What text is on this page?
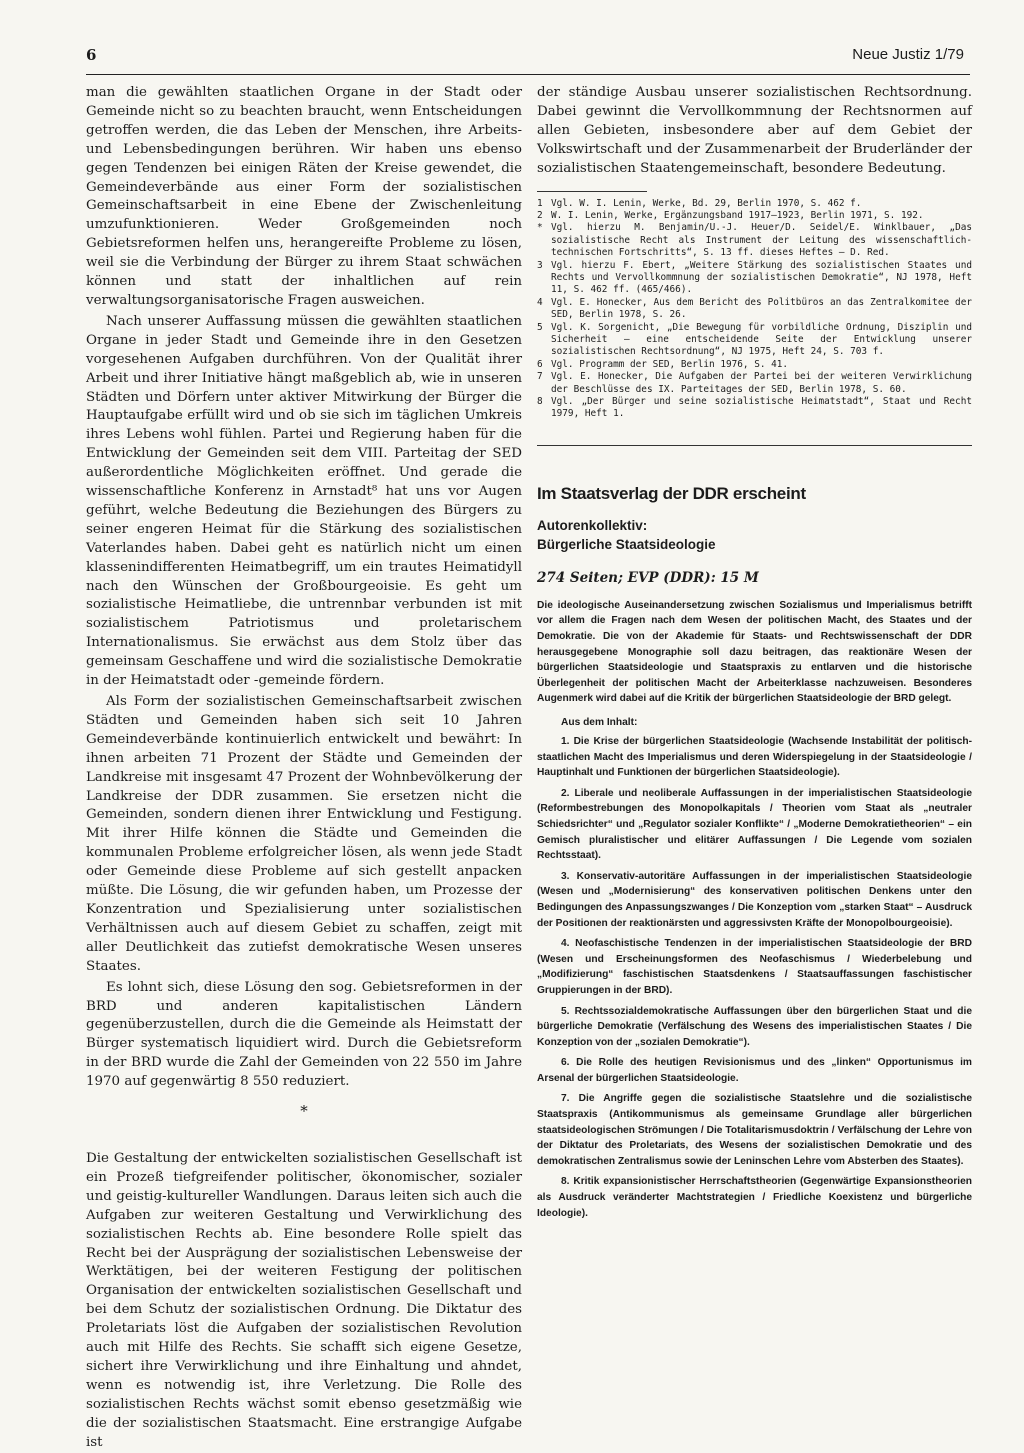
6	Neue Justiz 1/79

man die gewählten staatlichen Organe in der Stadt oder Gemeinde nicht so zu beachten braucht, wenn Entscheidungen getroffen werden, die das Leben der Menschen, ihre Arbeits- und Lebensbedingungen berühren. Wir haben uns ebenso gegen Tendenzen bei einigen Räten der Kreise gewendet, die Gemeindeverbände aus einer Form der sozialistischen Gemeinschaftsarbeit in eine Ebene der Zwischenleitung umzufunktionieren. Weder Großgemeinden noch Gebietsreformen helfen uns, herangereifte Probleme zu lösen, weil sie die Verbindung der Bürger zu ihrem Staat schwächen können und statt der inhaltlichen auf rein verwaltungsorganisatorische Fragen ausweichen.

Nach unserer Auffassung müssen die gewählten staatlichen Organe in jeder Stadt und Gemeinde ihre in den Gesetzen vorgesehenen Aufgaben durchführen. Von der Qualität ihrer Arbeit und ihrer Initiative hängt maßgeblich ab, wie in unseren Städten und Dörfern unter aktiver Mitwirkung der Bürger die Hauptaufgabe erfüllt wird und ob sie sich im täglichen Umkreis ihres Lebens wohl fühlen. Partei und Regierung haben für die Entwicklung der Gemeinden seit dem VIII. Parteitag der SED außerordentliche Möglichkeiten eröffnet. Und gerade die wissenschaftliche Konferenz in Arnstadt⁸ hat uns vor Augen geführt, welche Bedeutung die Beziehungen des Bürgers zu seiner engeren Heimat für die Stärkung des sozialistischen Vaterlandes haben. Dabei geht es natürlich nicht um einen klassenindifferenten Heimatbegriff, um ein trautes Heimatidyll nach den Wünschen der Großbourgeoisie. Es geht um sozialistische Heimatliebe, die untrennbar verbunden ist mit sozialistischem Patriotismus und proletarischem Internationalismus. Sie erwächst aus dem Stolz über das gemeinsam Geschaffene und wird die sozialistische Demokratie in der Heimatstadt oder -gemeinde fördern.

Als Form der sozialistischen Gemeinschaftsarbeit zwischen Städten und Gemeinden haben sich seit 10 Jahren Gemeindeverbände kontinuierlich entwickelt und bewährt: In ihnen arbeiten 71 Prozent der Städte und Gemeinden der Landkreise mit insgesamt 47 Prozent der Wohnbevölkerung der Landkreise der DDR zusammen. Sie ersetzen nicht die Gemeinden, sondern dienen ihrer Entwicklung und Festigung. Mit ihrer Hilfe können die Städte und Gemeinden die kommunalen Probleme erfolgreicher lösen, als wenn jede Stadt oder Gemeinde diese Probleme auf sich gestellt anpacken müßte. Die Lösung, die wir gefunden haben, um Prozesse der Konzentration und Spezialisierung unter sozialistischen Verhältnissen auch auf diesem Gebiet zu schaffen, zeigt mit aller Deutlichkeit das zutiefst demokratische Wesen unseres Staates.

Es lohnt sich, diese Lösung den sog. Gebietsreformen in der BRD und anderen kapitalistischen Ländern gegenüberzustellen, durch die die Gemeinde als Heimstatt der Bürger systematisch liquidiert wird. Durch die Gebietsreform in der BRD wurde die Zahl der Gemeinden von 22 550 im Jahre 1970 auf gegenwärtig 8 550 reduziert.

*

Die Gestaltung der entwickelten sozialistischen Gesellschaft ist ein Prozeß tiefgreifender politischer, ökonomischer, sozialer und geistig-kultureller Wandlungen. Daraus leiten sich auch die Aufgaben zur weiteren Gestaltung und Verwirklichung des sozialistischen Rechts ab. Eine besondere Rolle spielt das Recht bei der Ausprägung der sozialistischen Lebensweise der Werktätigen, bei der weiteren Festigung der politischen Organisation der entwickelten sozialistischen Gesellschaft und bei dem Schutz der sozialistischen Ordnung. Die Diktatur des Proletariats löst die Aufgaben der sozialistischen Revolution auch mit Hilfe des Rechts. Sie schafft sich eigene Gesetze, sichert ihre Verwirklichung und ihre Einhaltung und ahndet, wenn es notwendig ist, ihre Verletzung. Die Rolle des sozialistischen Rechts wächst somit ebenso gesetzmäßig wie die der sozialistischen Staatsmacht. Eine erstrangige Aufgabe ist

der ständige Ausbau unserer sozialistischen Rechtsordnung. Dabei gewinnt die Vervollkommnung der Rechtsnormen auf allen Gebieten, insbesondere aber auf dem Gebiet der Volkswirtschaft und der Zusammenarbeit der Bruderländer der sozialistischen Staatengemeinschaft, besondere Bedeutung.

1 Vgl. W. I. Lenin, Werke, Bd. 29, Berlin 1970, S. 462 f.
2 W. I. Lenin, Werke, Ergänzungsband 1917–1923, Berlin 1971, S. 192.
* Vgl. hierzu M. Benjamin/U.-J. Heuer/D. Seidel/E. Winklbauer, „Das sozialistische Recht als Instrument der Leitung des wissenschaftlich-technischen Fortschritts“, S. 13 ff. dieses Heftes – D. Red.
3 Vgl. hierzu F. Ebert, „Weitere Stärkung des sozialistischen Staates und Rechts und Vervollkommnung der sozialistischen Demokratie“, NJ 1978, Heft 11, S. 462 ff. (465/466).
4 Vgl. E. Honecker, Aus dem Bericht des Politbüros an das Zentralkomitee der SED, Berlin 1978, S. 26.
5 Vgl. K. Sorgenicht, „Die Bewegung für vorbildliche Ordnung, Disziplin und Sicherheit – eine entscheidende Seite der Entwicklung unserer sozialistischen Rechtsordnung“, NJ 1975, Heft 24, S. 703 f.
6 Vgl. Programm der SED, Berlin 1976, S. 41.
7 Vgl. E. Honecker, Die Aufgaben der Partei bei der weiteren Verwirklichung der Beschlüsse des IX. Parteitages der SED, Berlin 1978, S. 60.
8 Vgl. „Der Bürger und seine sozialistische Heimatstadt“, Staat und Recht 1979, Heft 1.
Im Staatsverlag der DDR erscheint
Autorenkollektiv:
Bürgerliche Staatsideologie
274 Seiten; EVP (DDR): 15 M

Die ideologische Auseinandersetzung zwischen Sozialismus und Imperialismus betrifft vor allem die Fragen nach dem Wesen der politischen Macht, des Staates und der Demokratie. Die von der Akademie für Staats- und Rechtswissenschaft der DDR herausgegebene Monographie soll dazu beitragen, das reaktionäre Wesen der bürgerlichen Staatsideologie und Staatspraxis zu entlarven und die historische Überlegenheit der politischen Macht der Arbeiterklasse nachzuweisen. Besonderes Augenmerk wird dabei auf die Kritik der bürgerlichen Staatsideologie der BRD gelegt.

Aus dem Inhalt:

1. Die Krise der bürgerlichen Staatsideologie (Wachsende Instabilität der politisch-staatlichen Macht des Imperialismus und deren Widerspiegelung in der Staatsideologie / Hauptinhalt und Funktionen der bürgerlichen Staatsideologie).

2. Liberale und neoliberale Auffassungen in der imperialistischen Staatsideologie (Reformbestrebungen des Monopolkapitals / Theorien vom Staat als „neutraler Schiedsrichter“ und „Regulator sozialer Konflikte“ / „Moderne Demokratietheorien“ – ein Gemisch pluralistischer und elitärer Auffassungen / Die Legende vom sozialen Rechtsstaat).

3. Konservativ-autoritäre Auffassungen in der imperialistischen Staatsideologie (Wesen und „Modernisierung“ des konservativen politischen Denkens unter den Bedingungen des Anpassungszwanges / Die Konzeption vom „starken Staat“ – Ausdruck der Positionen der reaktionärsten und aggressivsten Kräfte der Monopolbourgeoisie).

4. Neofaschistische Tendenzen in der imperialistischen Staatsideologie der BRD (Wesen und Erscheinungsformen des Neofaschismus / Wiederbelebung und „Modifizierung“ faschistischen Staatsdenkens / Staatsauffassungen faschistischer Gruppierungen in der BRD).

5. Rechtssozialdemokratische Auffassungen über den bürgerlichen Staat und die bürgerliche Demokratie (Verfälschung des Wesens des imperialistischen Staates / Die Konzeption von der „sozialen Demokratie“).

6. Die Rolle des heutigen Revisionismus und des „linken“ Opportunismus im Arsenal der bürgerlichen Staatsideologie.

7. Die Angriffe gegen die sozialistische Staatslehre und die sozialistische Staatspraxis (Antikommunismus als gemeinsame Grundlage aller bürgerlichen staatsideologischen Strömungen / Die Totalitarismusdoktrin / Verfälschung der Lehre von der Diktatur des Proletariats, des Wesens der sozialistischen Demokratie und des demokratischen Zentralismus sowie der Leninschen Lehre vom Absterben des Staates).

8. Kritik expansionistischer Herrschaftstheorien (Gegenwärtige Expansionstheorien als Ausdruck veränderter Machtstrategien / Friedliche Koexistenz und bürgerliche Ideologie).
